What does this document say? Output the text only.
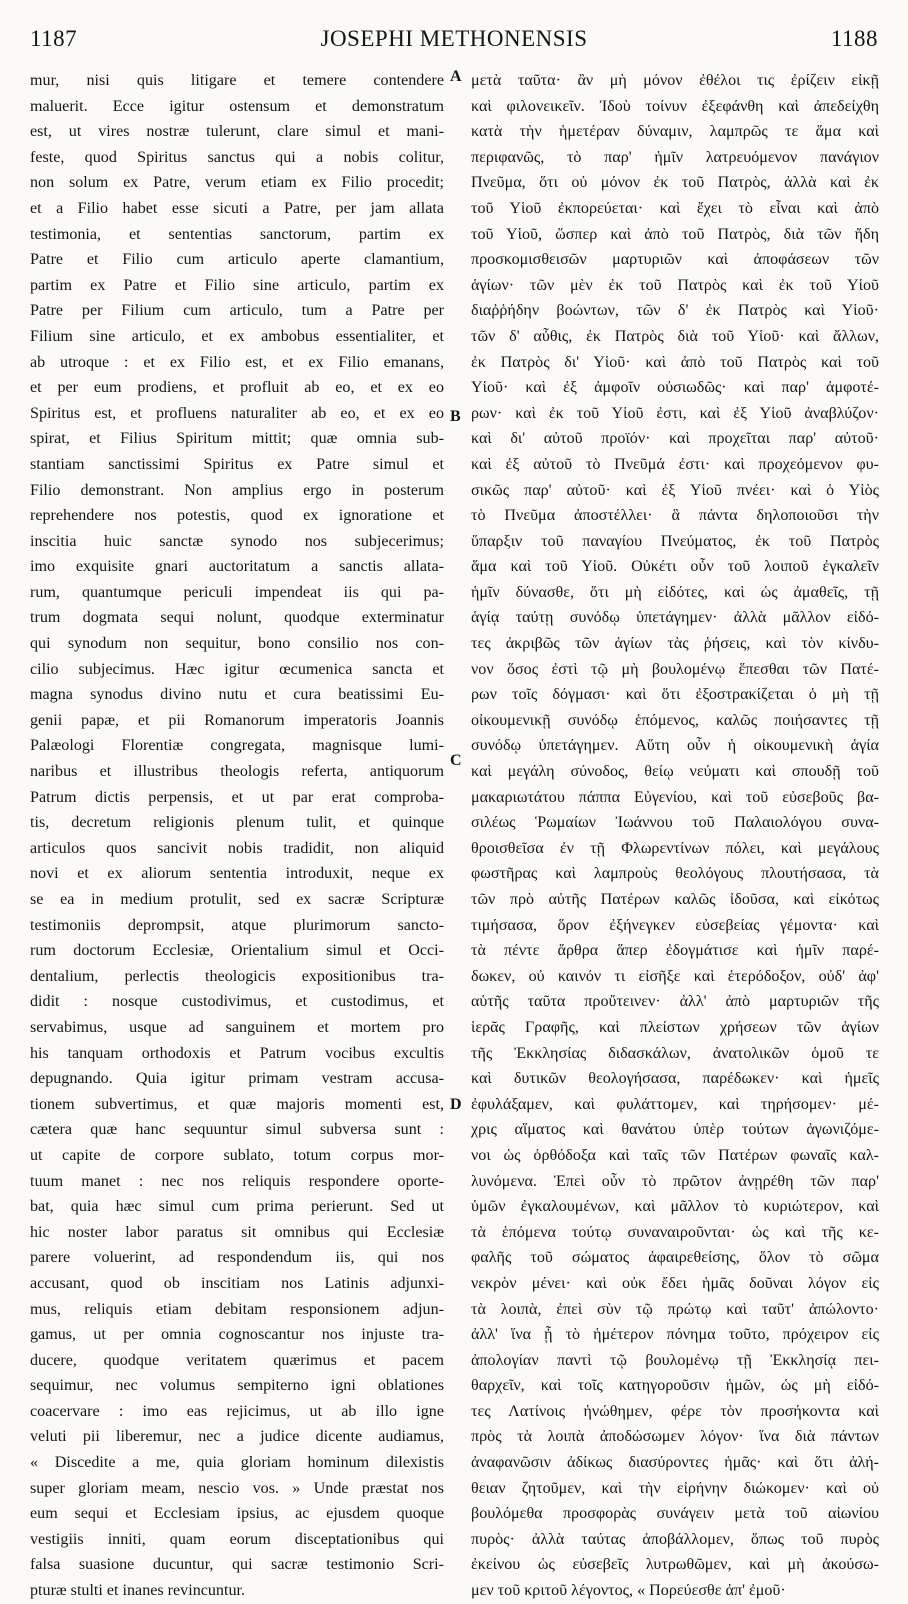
1187	JOSEPHI METHONENSIS	1188
mur, nisi quis litigare et temere contendere
maluerit. Ecce igitur ostensum et demonstratum
est, ut vires nostræ tulerunt, clare simul et mani-
feste, quod Spiritus sanctus qui a nobis colitur,
non solum ex Patre, verum etiam ex Filio procedit;
et a Filio habet esse sicuti a Patre, per jam allata
testimonia, et sententias sanctorum, partim ex
Patre et Filio cum articulo aperte clamantium,
partim ex Patre et Filio sine articulo, partim ex
Patre per Filium cum articulo, tum a Patre per
Filium sine articulo, et ex ambobus essentialiter, et
ab utroque : et ex Filio est, et ex Filio emanans,
et per eum prodiens, et profluit ab eo, et ex eo
Spiritus est, et profluens naturaliter ab eo, et ex eo
spirat, et Filius Spiritum mittit; quæ omnia sub-
stantiam sanctissimi Spiritus ex Patre simul et
Filio demonstrant. Non amplius ergo in posterum
reprehendere nos potestis, quod ex ignoratione et
inscitia huic sanctæ synodo nos subjecerimus;
imo exquisite gnari auctoritatum a sanctis allata-
rum, quantumque periculi impendeat iis qui pa-
trum dogmata sequi nolunt, quodque exterminatur
qui synodum non sequitur, bono consilio nos con-
cilio subjecimus. Hæc igitur œcumenica sancta et
magna synodus divino nutu et cura beatissimi Eu-
genii papæ, et pii Romanorum imperatoris Joannis
Palæologi Florentiæ congregata, magnisque lumi-
naribus et illustribus theologis referta, antiquorum
Patrum dictis perpensis, et ut par erat comproba-
tis, decretum religionis plenum tulit, et quinque
articulos quos sancivit nobis tradidit, non aliquid
novi et ex aliorum sententia introduxit, neque ex
se ea in medium protulit, sed ex sacræ Scripturæ
testimoniis deprompsit, atque plurimorum sancto-
rum doctorum Ecclesiæ, Orientalium simul et Occi-
dentalium, perlectis theologicis expositionibus tra-
didit : nosque custodivimus, et custodimus, et
servabimus, usque ad sanguinem et mortem pro
his tanquam orthodoxis et Patrum vocibus excultis
depugnando. Quia igitur primam vestram accusa-
tionem subvertimus, et quæ majoris momenti est,
cætera quæ hanc sequuntur simul subversa sunt :
ut capite de corpore sublato, totum corpus mor-
tuum manet : nec nos reliquis respondere oporte-
bat, quia hæc simul cum prima perierunt. Sed ut
hic noster labor paratus sit omnibus qui Ecclesiæ
parere voluerint, ad respondendum iis, qui nos
accusant, quod ob inscitiam nos Latinis adjunxi-
mus, reliquis etiam debitam responsionem adjun-
gamus, ut per omnia cognoscantur nos injuste tra-
ducere, quodque veritatem quærimus et pacem
sequimur, nec volumus sempiterno igni oblationes
coacervare : imo eas rejicimus, ut ab illo igne
veluti pii liberemur, nec a judice dicente audiamus,
« Discedite a me, quia gloriam hominum dilexistis
super gloriam meam, nescio vos. » Unde præstat nos
eum sequi et Ecclesiam ipsius, ac ejusdem quoque
vestigiis inniti, quam eorum disceptationibus qui
falsa suasione ducuntur, qui sacræ testimonio Scri-
pturæ stulti et inanes revincuntur.
μετὰ ταῦτα· ἂν μὴ μόνον ἐθέλοι τις ἐρίζειν εἰκῇ
καὶ φιλονεικεῖν. Ἰδοὺ τοίνυν ἐξεφάνθη καὶ ἀπεδείχθη
κατὰ τὴν ἡμετέραν δύναμιν, λαμπρῶς τε ἅμα καὶ
περιφανῶς, τὸ παρ' ἡμῖν λατρευόμενον πανάγιον
Πνεῦμα, ὅτι οὐ μόνον ἐκ τοῦ Πατρὸς, ἀλλὰ καὶ ἐκ
τοῦ Υἱοῦ ἐκπορεύεται· καὶ ἔχει τὸ εἶναι καὶ ἀπὸ
τοῦ Υἱοῦ, ὥσπερ καὶ ἀπὸ τοῦ Πατρὸς, διὰ τῶν ἤδη
προσκομισθεισῶν μαρτυριῶν καὶ ἀποφάσεων τῶν
ἁγίων· τῶν μὲν ἐκ τοῦ Πατρὸς καὶ ἐκ τοῦ Υἱοῦ
διαῤῥήδην βοώντων, τῶν δ' ἐκ Πατρὸς καὶ Υἱοῦ·
τῶν δ' αὖθις, ἐκ Πατρὸς διὰ τοῦ Υἱοῦ· καὶ ἄλλων,
ἐκ Πατρὸς δι' Υἱοῦ· καὶ ἀπὸ τοῦ Πατρὸς καὶ τοῦ
Υἱοῦ· καὶ ἐξ ἀμφοῖν οὐσιωδῶς· καὶ παρ' ἀμφοτέ-
ρων· καὶ ἐκ τοῦ Υἱοῦ ἐστι, καὶ ἐξ Υἱοῦ ἀναβλύζον·
καὶ δι' αὐτοῦ προϊόν· καὶ προχεῖται παρ' αὐτοῦ·
καὶ ἐξ αὐτοῦ τὸ Πνεῦμά ἐστι· καὶ προχεόμενον φυ-
σικῶς παρ' αὐτοῦ· καὶ ἐξ Υἱοῦ πνέει· καὶ ὁ Υἱὸς
τὸ Πνεῦμα ἀποστέλλει· ἃ πάντα δηλοποιοῦσι τὴν
ὕπαρξιν τοῦ παναγίου Πνεύματος, ἐκ τοῦ Πατρὸς
ἅμα καὶ τοῦ Υἱοῦ. Οὐκέτι οὖν τοῦ λοιποῦ ἐγκαλεῖν
ἡμῖν δύνασθε, ὅτι μὴ εἰδότες, καὶ ὡς ἀμαθεῖς, τῇ
ἁγίᾳ ταύτῃ συνόδῳ ὑπετάγημεν· ἀλλὰ μᾶλλον εἰδό-
τες ἀκριβῶς τῶν ἁγίων τὰς ῥήσεις, καὶ τὸν κίνδυ-
νον ὅσος ἐστὶ τῷ μὴ βουλομένῳ ἕπεσθαι τῶν Πατέ-
ρων τοῖς δόγμασι· καὶ ὅτι ἐξοστρακίζεται ὁ μὴ τῇ
οἰκουμενικῇ συνόδῳ ἑπόμενος, καλῶς ποιήσαντες τῇ
συνόδῳ ὑπετάγημεν. Αὕτη οὖν ἡ οἰκουμενικὴ ἁγία
καὶ μεγάλη σύνοδος, θείῳ νεύματι καὶ σπουδῇ τοῦ
μακαριωτάτου πάππα Εὐγενίου, καὶ τοῦ εὐσεβοῦς βα-
σιλέως Ῥωμαίων Ἰωάννου τοῦ Παλαιολόγου συνα-
θροισθεῖσα ἐν τῇ Φλωρεντίνων πόλει, καὶ μεγάλους
φωστῆρας καὶ λαμπροὺς θεολόγους πλουτήσασα, τὰ
τῶν πρὸ αὐτῆς Πατέρων καλῶς ἰδοῦσα, καὶ εἰκότως
τιμήσασα, ὅρον ἐξήνεγκεν εὐσεβείας γέμοντα· καὶ
τὰ πέντε ἄρθρα ἅπερ ἐδογμάτισε καὶ ἡμῖν παρέ-
δωκεν, οὐ καινόν τι εἰσῆξε καὶ ἑτερόδοξον, οὐδ' ἀφ'
αὑτῆς ταῦτα προὔτεινεν· ἀλλ' ἀπὸ μαρτυριῶν τῆς
ἱερᾶς Γραφῆς, καὶ πλείστων χρήσεων τῶν ἁγίων
τῆς Ἐκκλησίας διδασκάλων, ἀνατολικῶν ὁμοῦ τε
καὶ δυτικῶν θεολογήσασα, παρέδωκεν· καὶ ἡμεῖς
ἐφυλάξαμεν, καὶ φυλάττομεν, καὶ τηρήσομεν· μέ-
χρις αἵματος καὶ θανάτου ὑπὲρ τούτων ἀγωνιζόμε-
νοι ὡς ὀρθόδοξα καὶ ταῖς τῶν Πατέρων φωναῖς καλ-
λυνόμενα. Ἐπεὶ οὖν τὸ πρῶτον ἀνῃρέθη τῶν παρ'
ὑμῶν ἐγκαλουμένων, καὶ μᾶλλον τὸ κυριώτερον, καὶ
τὰ ἑπόμενα τούτῳ συναναιροῦνται· ὡς καὶ τῆς κε-
φαλῆς τοῦ σώματος ἀφαιρεθείσης, ὅλον τὸ σῶμα
νεκρὸν μένει· καὶ οὐκ ἔδει ἡμᾶς δοῦναι λόγον εἰς
τὰ λοιπὰ, ἐπεὶ σὺν τῷ πρώτῳ καὶ ταῦτ' ἀπώλοντο·
ἀλλ' ἵνα ᾖ τὸ ἡμέτερον πόνημα τοῦτο, πρόχειρον εἰς
ἀπολογίαν παντὶ τῷ βουλομένῳ τῇ Ἐκκλησίᾳ πει-
θαρχεῖν, καὶ τοῖς κατηγοροῦσιν ἡμῶν, ὡς μὴ εἰδό-
τες Λατίνοις ἡνώθημεν, φέρε τὸν προσήκοντα καὶ
πρὸς τὰ λοιπὰ ἀποδώσωμεν λόγον· ἵνα διὰ πάντων
ἀναφανῶσιν ἀδίκως διασύροντες ἡμᾶς· καὶ ὅτι ἀλή-
θειαν ζητοῦμεν, καὶ τὴν εἰρήνην διώκομεν· καὶ οὐ
βουλόμεθα προσφορὰς συνάγειν μετὰ τοῦ αἰωνίου
πυρὸς· ἀλλὰ ταύτας ἀποβάλλομεν, ὅπως τοῦ πυρὸς
ἐκείνου ὡς εὐσεβεῖς λυτρωθῶμεν, καὶ μὴ ἀκούσω-
μεν τοῦ κριτοῦ λέγοντος, « Πορεύεσθε ἀπ' ἐμοῦ·
A
B
C
D
